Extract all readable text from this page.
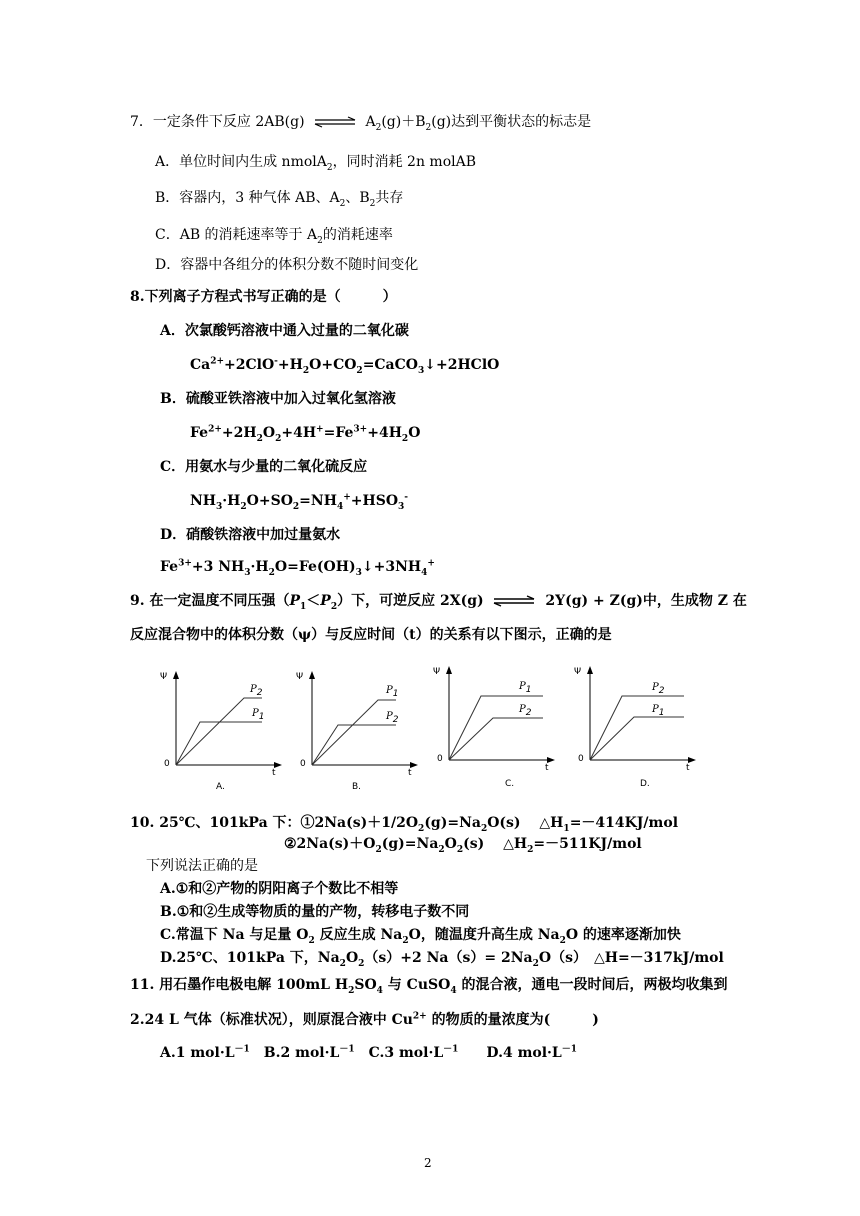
7．一定条件下反应 2AB(g) ⇌ $A_2(g)+B_2(g)$达到平衡状态的标志是
A．单位时间内生成 nmolA$_2$，同时消耗 2n molAB
B．容器内，3 种气体 AB、$A_2$、$B_2$共存
C．AB 的消耗速率等于 $A_2$的消耗速率
D．容器中各组分的体积分数不随时间变化
8.下列离子方程式书写正确的是（　　　）
A．次氯酸钙溶液中通入过量的二氧化碳
$Ca^{2+}+2ClO^-+H_2O+CO_2=CaCO_3↓+2HClO$
B．硫酸亚铁溶液中加入过氧化氢溶液
$Fe^{2+}+2H_2O_2+4H^+=Fe^{3+}+4H_2O$
C．用氨水与少量的二氧化硫反应
$NH_3\cdot H_2O+SO_2=NH_4^++HSO_3^-$
D．硝酸铁溶液中加过量氨水
$Fe^{3+}+3$ $NH_3\cdot H_2O=Fe(OH)_3↓+3NH_4^+$
9. 在一定温度不同压强$(P_1<P_2)$下，可逆反应 2X(g) ⇌ 2Y(g) + Z(g)中，生成物 Z 在
反应混合物中的体积分数（ψ）与反应时间（t）的关系有以下图示，正确的是
Ψ
0
t
P2
P1
A.
Ψ
0
t
P1
P2
B.
Ψ
0
t
P1
P2
C.
Ψ
0
t
P2
P1
D.
10. 25℃、101kPa 下：$①2Na(s)+1/2O_2(g)=Na_2O(s)$　 $\triangle H_1=-414KJ$/mol
$②2Na(s)+O_2(g)=Na_2O_2(s)$　 $\triangle H_2=-511KJ$/mol
下列说法正确的是
A.①和②产物的阴阳离子个数比不相等
B.①和②生成等物质的量的产物，转移电子数不同
C.常温下 Na 与足量 $O_2$ 反应生成 $Na_2O$，随温度升高生成 $Na_2O$ 的速率逐渐加快
D.25℃、101kPa 下，$Na_2O_2(s)+2$ $Na(s)= 2Na_2O(s)$　△H=－317kJ/mol
11. 用石墨作电极电解 100mL $H_2SO_4$ 与 CuSO$_4$ 的混合液，通电一段时间后，两极均收集到
2.24 L 气体（标准状况），则原混合液中 $Cu^{2+}$ 的物质的量浓度为(　　　)
A.1 $mol\cdot L^{-1}$　B.2 $mol\cdot L^{-1}$　C.3 $mol\cdot L^{-1}$　　D.4 $mol\cdot L^{-1}$
2
